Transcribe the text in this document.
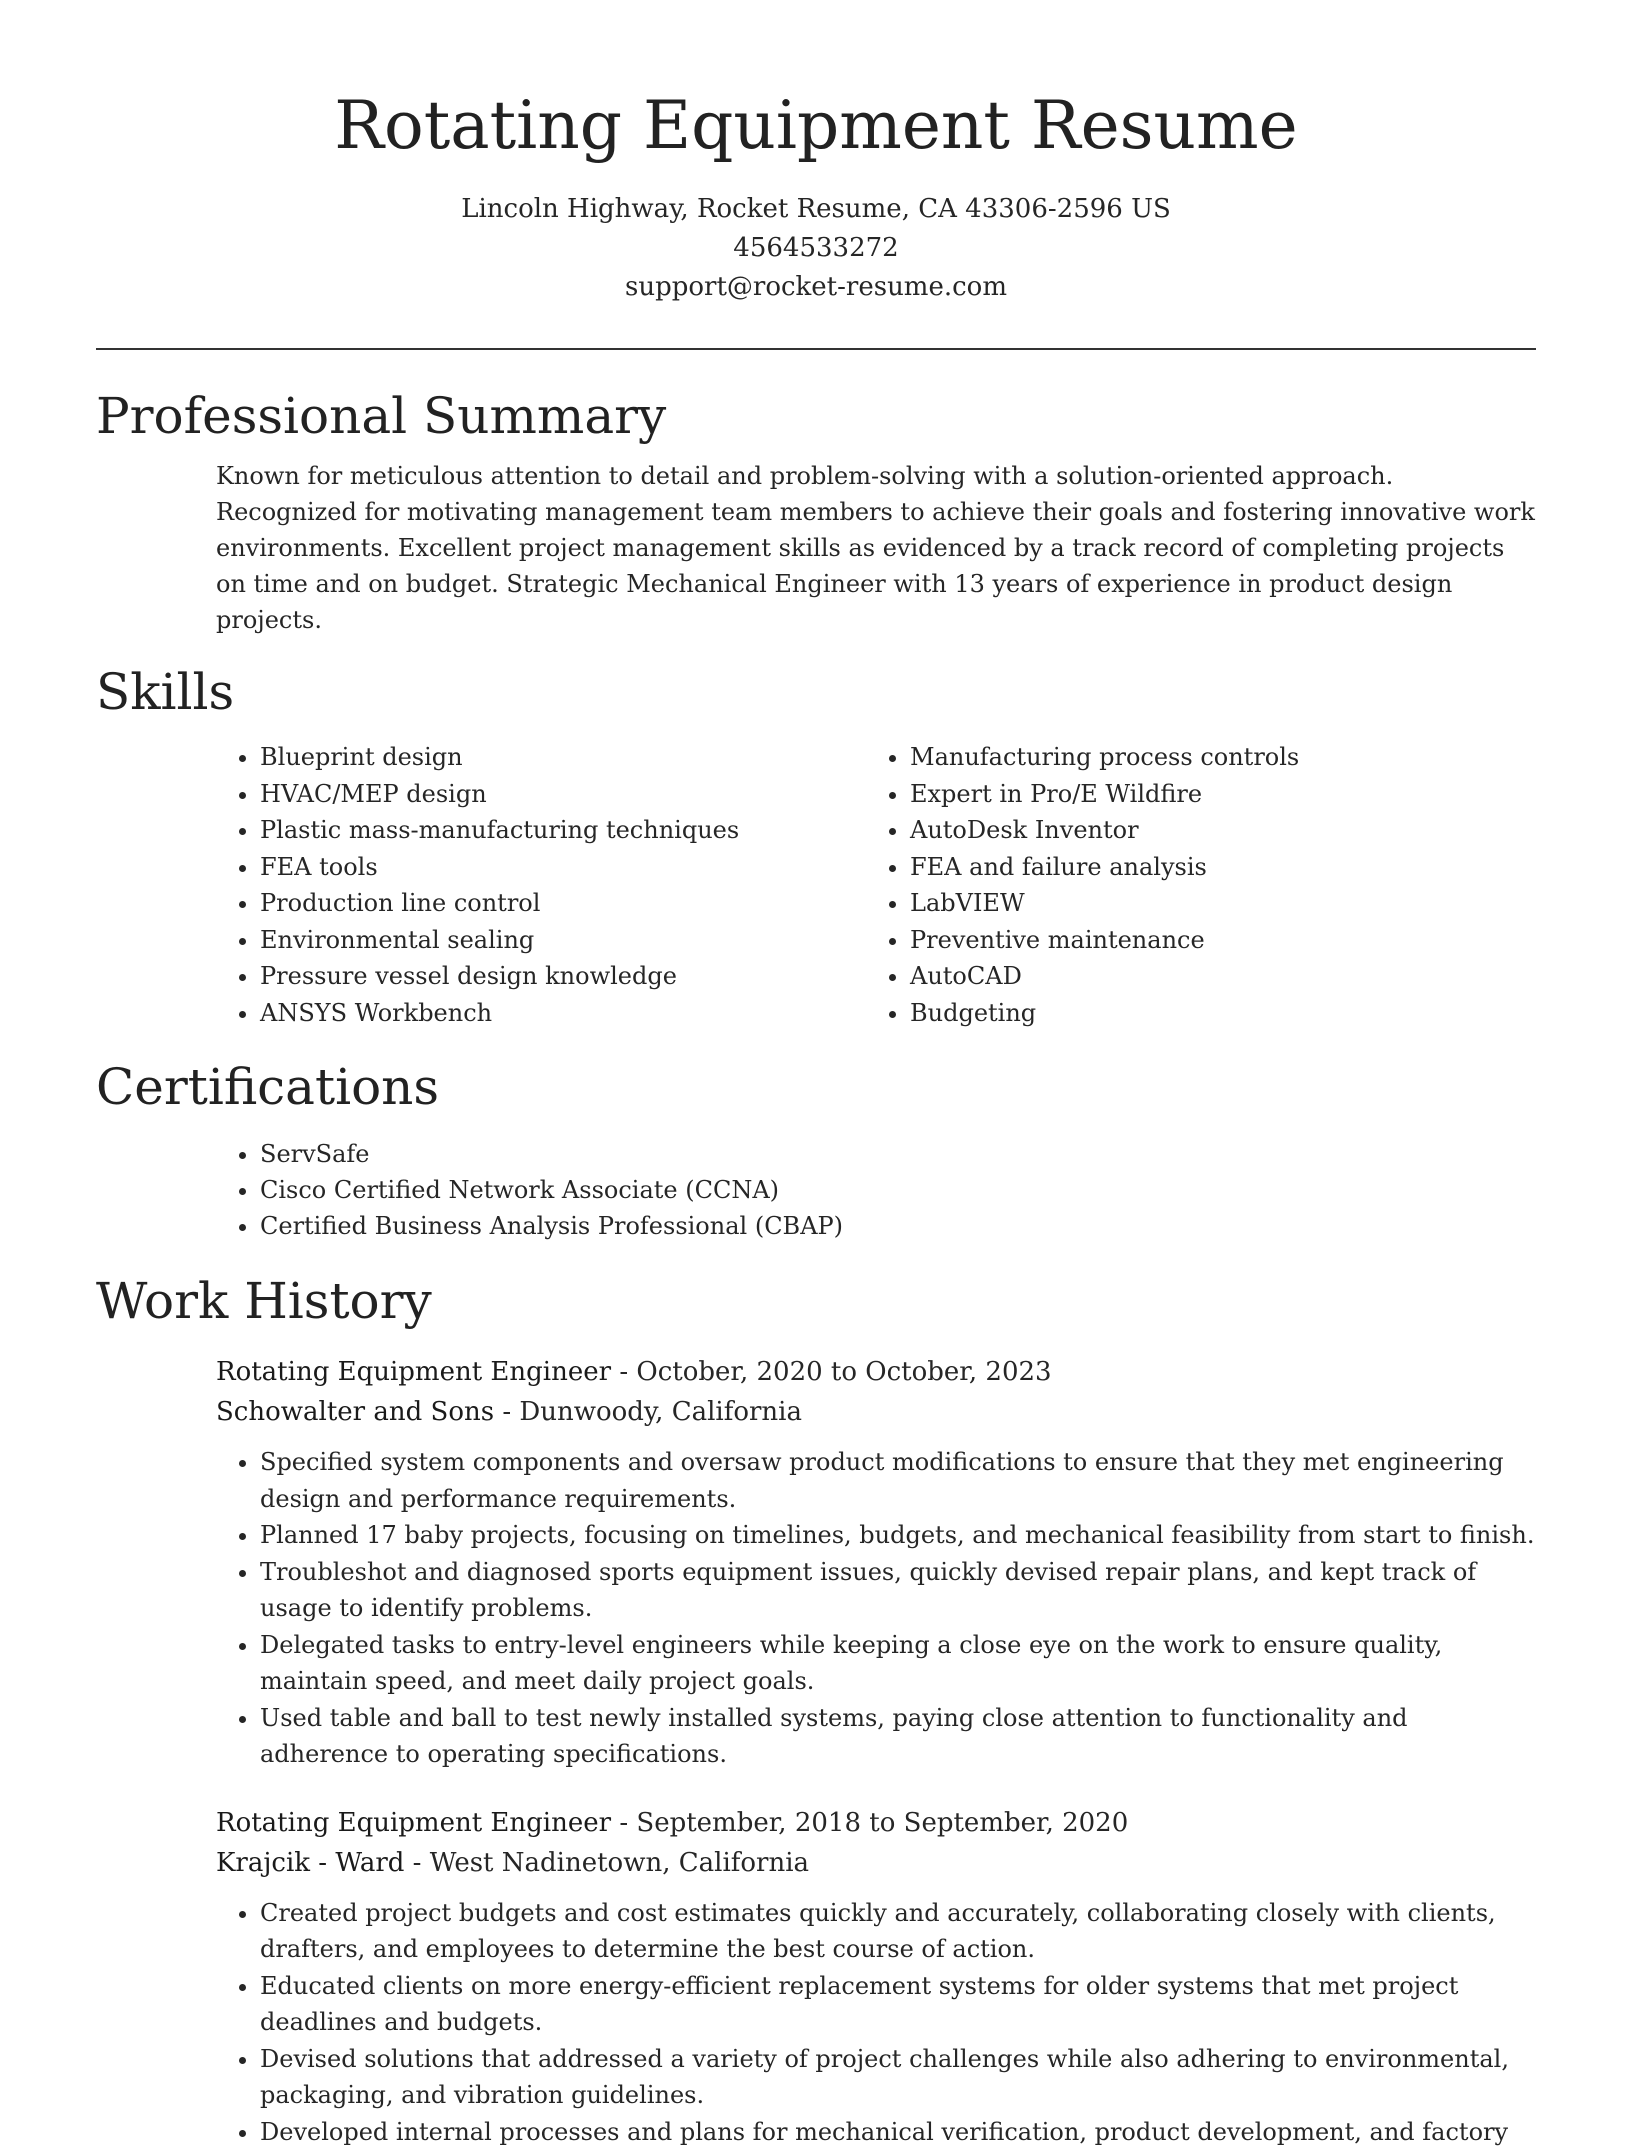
Rotating Equipment Resume
Lincoln Highway, Rocket Resume, CA 43306-2596 US
4564533272
support@rocket-resume.com
Professional Summary

Known for meticulous attention to detail and problem-solving with a solution-oriented approach. Recognized for motivating management team members to achieve their goals and fostering innovative work environments. Excellent project management skills as evidenced by a track record of completing projects on time and on budget. Strategic Mechanical Engineer with 13 years of experience in product design projects.

Skills
• Blueprint design
• HVAC/MEP design
• Plastic mass-manufacturing techniques
• FEA tools
• Production line control
• Environmental sealing
• Pressure vessel design knowledge
• ANSYS Workbench
• Manufacturing process controls
• Expert in Pro/E Wildfire
• AutoDesk Inventor
• FEA and failure analysis
• LabVIEW
• Preventive maintenance
• AutoCAD
• Budgeting
Certifications
• ServSafe
• Cisco Certified Network Associate (CCNA)
• Certified Business Analysis Professional (CBAP)
Work History
Rotating Equipment Engineer - October, 2020 to October, 2023
Schowalter and Sons - Dunwoody, California
• Specified system components and oversaw product modifications to ensure that they met engineering design and performance requirements.
• Planned 17 baby projects, focusing on timelines, budgets, and mechanical feasibility from start to finish.
• Troubleshot and diagnosed sports equipment issues, quickly devised repair plans, and kept track of usage to identify problems.
• Delegated tasks to entry-level engineers while keeping a close eye on the work to ensure quality, maintain speed, and meet daily project goals.
• Used table and ball to test newly installed systems, paying close attention to functionality and adherence to operating specifications.
Rotating Equipment Engineer - September, 2018 to September, 2020
Krajcik - Ward - West Nadinetown, California
• Created project budgets and cost estimates quickly and accurately, collaborating closely with clients, drafters, and employees to determine the best course of action.
• Educated clients on more energy-efficient replacement systems for older systems that met project deadlines and budgets.
• Devised solutions that addressed a variety of project challenges while also adhering to environmental, packaging, and vibration guidelines.
• Developed internal processes and plans for mechanical verification, product development, and factory
